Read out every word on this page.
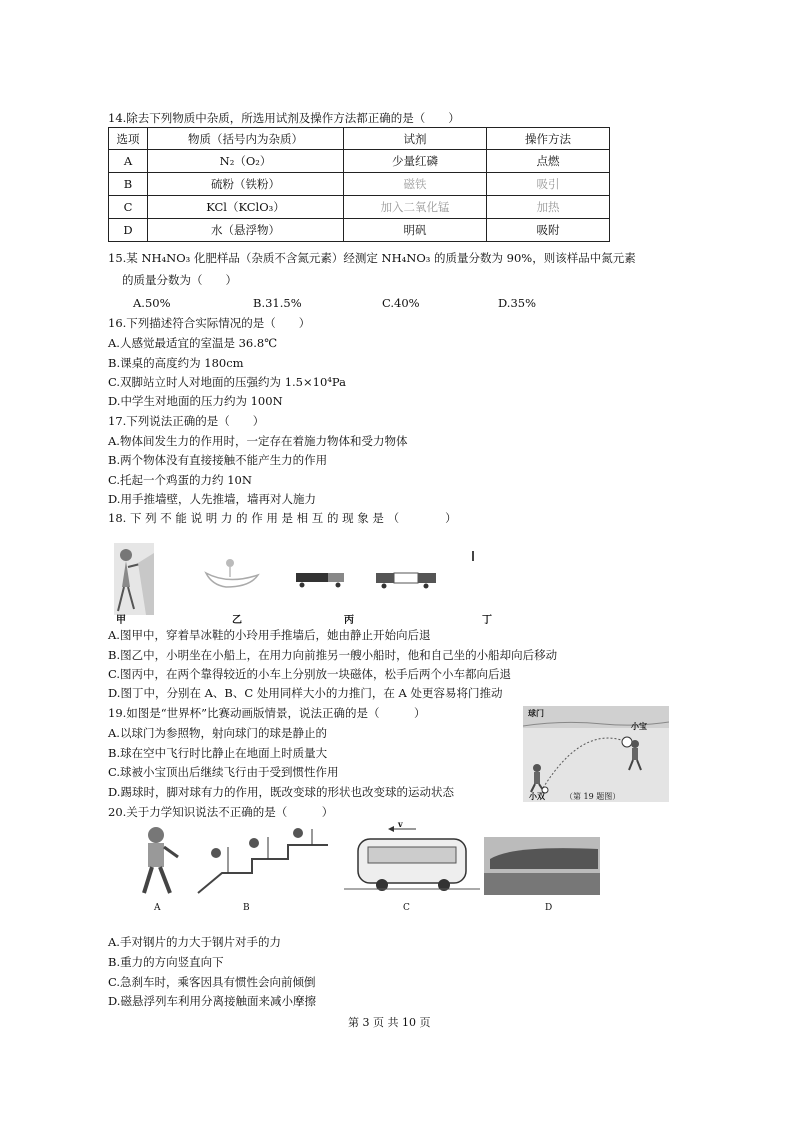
14.除去下列物质中杂质，所选用试剂及操作方法都正确的是（　　）
选项	物质（括号内为杂质）	试剂	操作方法
A	N₂（O₂）	少量红磷	点燃
B	硫粉（铁粉）	磁铁	吸引
C	KCl（KClO₃）	加入二氧化锰	加热
D	水（悬浮物）	明矾	吸附
15.某 NH₄NO₃ 化肥样品（杂质不含氮元素）经测定 NH₄NO₃ 的质量分数为 90%，则该样品中氮元素
的质量分数为（　　）
A.50%	B.31.5%	C.40%	D.35%
16.下列描述符合实际情况的是（　　）
A.人感觉最适宜的室温是 36.8℃
B.课桌的高度约为 180cm
C.双脚站立时人对地面的压强约为 1.5×10⁴Pa
D.中学生对地面的压力约为 100N
17.下列说法正确的是（　　）
A.物体间发生力的作用时，一定存在着施力物体和受力物体
B.两个物体没有直接接触不能产生力的作用
C.托起一个鸡蛋的力约 10N
D.用手推墙壁，人先推墙，墙再对人施力
18. 下 列 不 能 说 明 力 的 作 用 是 相 互 的 现 象 是 （　　　　）
甲	乙	丙	丁
A.图甲中，穿着旱冰鞋的小玲用手推墙后，她由静止开始向后退
B.图乙中，小明坐在小船上，在用力向前推另一艘小船时，他和自己坐的小船却向后移动
C.图丙中，在两个靠得较近的小车上分别放一块磁体，松手后两个小车都向后退
D.图丁中，分别在 A、B、C 处用同样大小的力推门，在 A 处更容易将门推动
19.如图是“世界杯”比赛动画版情景，说法正确的是（　　　）
A.以球门为参照物，射向球门的球是静止的
B.球在空中飞行时比静止在地面上时质量大
C.球被小宝顶出后继续飞行由于受到惯性作用
D.踢球时，脚对球有力的作用，既改变球的形状也改变球的运动状态
球门
小宝
小双	（第 19 题图）
20.关于力学知识说法不正确的是（　　　）
v
A	B	C	D
A.手对钢片的力大于钢片对手的力
B.重力的方向竖直向下
C.急刹车时，乘客因具有惯性会向前倾倒
D.磁悬浮列车利用分离接触面来减小摩擦
第 3 页 共 10 页
